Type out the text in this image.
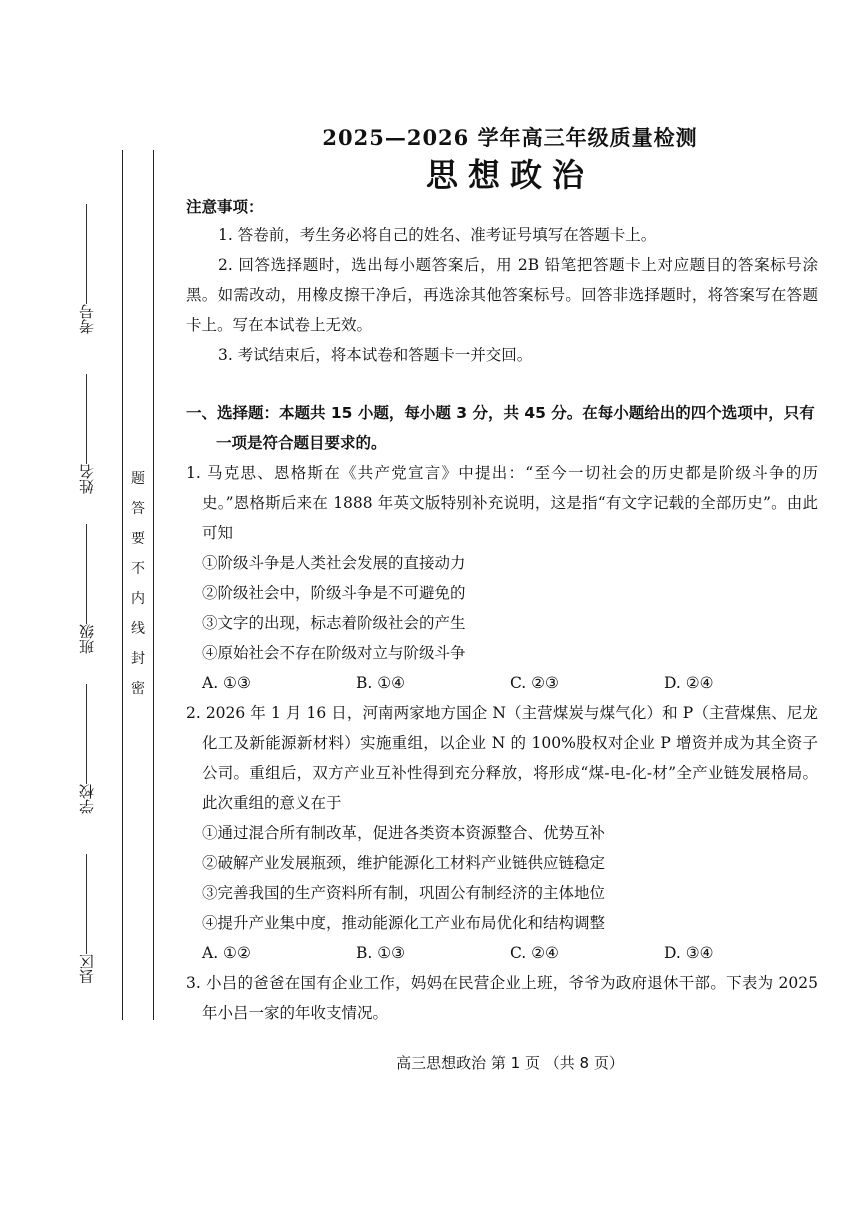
考号
姓名
班级
学校
县区
题
答
要
不
内
线
封
密
2025—2026 学年高三年级质量检测
思想政治
注意事项：
1. 答卷前，考生务必将自己的姓名、准考证号填写在答题卡上。
2. 回答选择题时，选出每小题答案后，用 2B 铅笔把答题卡上对应题目的答案标号涂黑。如需改动，用橡皮擦干净后，再选涂其他答案标号。回答非选择题时，将答案写在答题卡上。写在本试卷上无效。
3. 考试结束后，将本试卷和答题卡一并交回。
一、选择题：本题共 15 小题，每小题 3 分，共 45 分。在每小题给出的四个选项中，只有
一项是符合题目要求的。
1. 马克思、恩格斯在《共产党宣言》中提出：“至今一切社会的历史都是阶级斗争的历史。”恩格斯后来在 1888 年英文版特别补充说明，这是指“有文字记载的全部历史”。由此可知
①阶级斗争是人类社会发展的直接动力
②阶级社会中，阶级斗争是不可避免的
③文字的出现，标志着阶级社会的产生
④原始社会不存在阶级对立与阶级斗争
A. ①③	B. ①④	C. ②③	D. ②④
2. 2026 年 1 月 16 日，河南两家地方国企 N（主营煤炭与煤气化）和 P（主营煤焦、尼龙化工及新能源新材料）实施重组，以企业 N 的 100%股权对企业 P 增资并成为其全资子公司。重组后，双方产业互补性得到充分释放，将形成“煤-电-化-材”全产业链发展格局。此次重组的意义在于
①通过混合所有制改革，促进各类资本资源整合、优势互补
②破解产业发展瓶颈，维护能源化工材料产业链供应链稳定
③完善我国的生产资料所有制，巩固公有制经济的主体地位
④提升产业集中度，推动能源化工产业布局优化和结构调整
A. ①②	B. ①③	C. ②④	D. ③④
3. 小吕的爸爸在国有企业工作，妈妈在民营企业上班，爷爷为政府退休干部。下表为 2025 年小吕一家的年收支情况。
高三思想政治 第 1 页 （共 8 页）
